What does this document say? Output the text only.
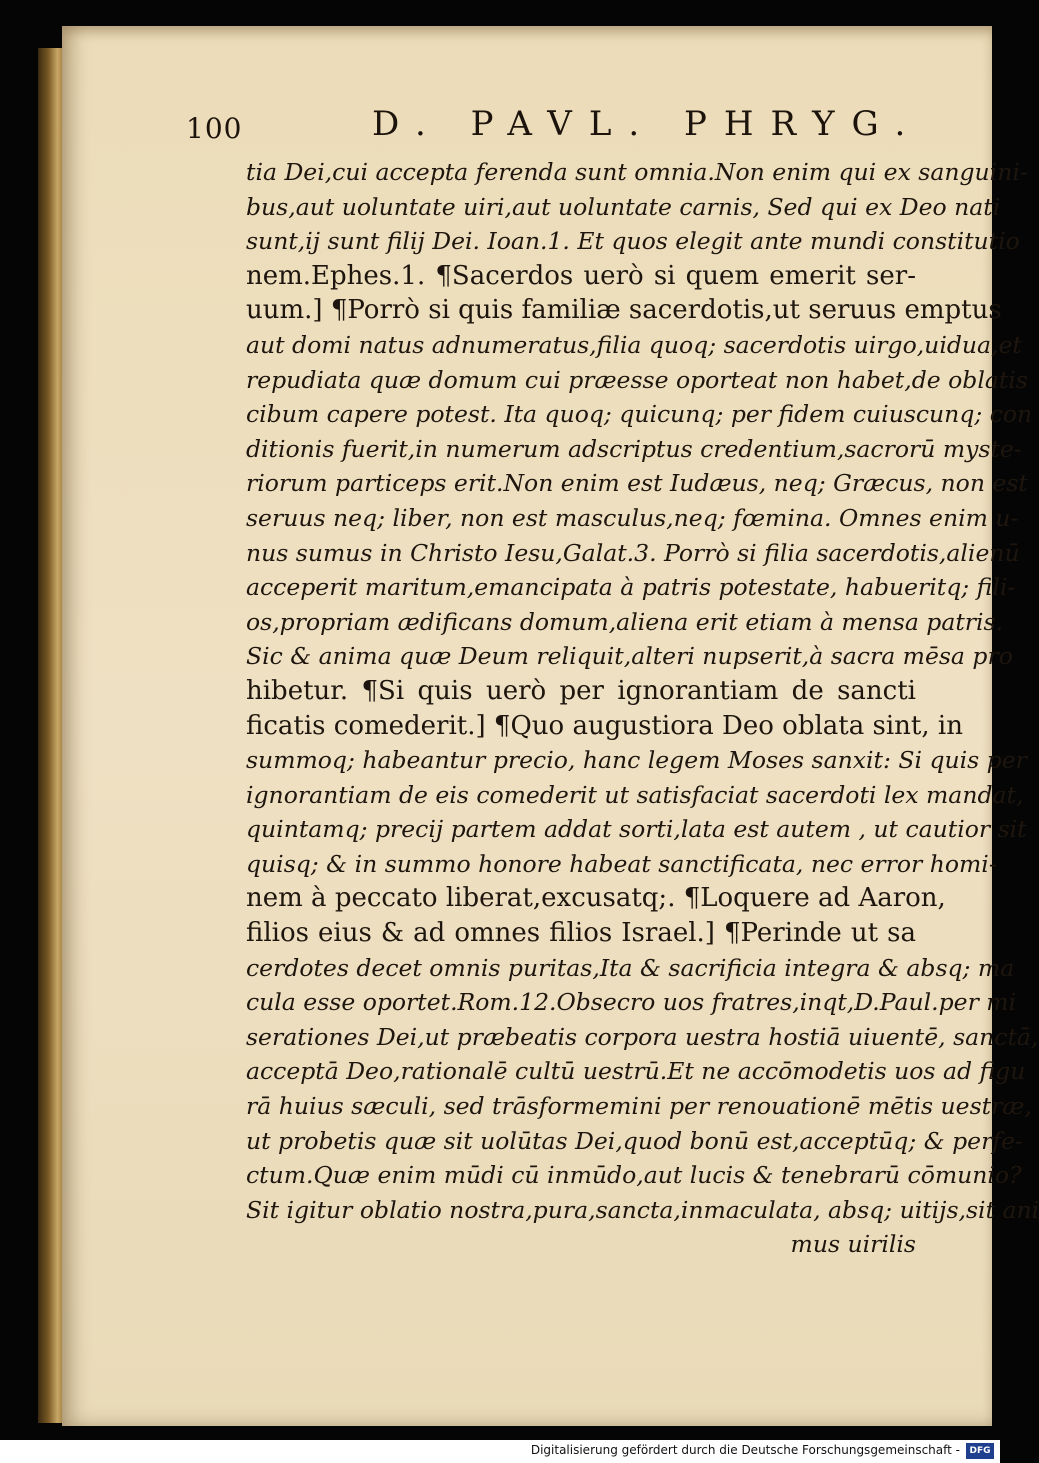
100	D. PAVL. PHRYG.
tia Dei,cui accepta ferenda sunt omnia.Non enim qui ex sanguini-
bus,aut uoluntate uiri,aut uoluntate carnis, Sed qui ex Deo nati
sunt,ij sunt filij Dei. Ioan.1. Et quos elegit ante mundi constitutio
nem.Ephes.1. ¶Sacerdos uerò si quem emerit ser-
uum.] ¶Porrò si quis familiæ sacerdotis,ut seruus emptus
aut domi natus adnumeratus,filia quoq; sacerdotis uirgo,uidua,et
repudiata quæ domum cui præesse oporteat non habet,de oblatis
cibum capere potest. Ita quoq; quicunq; per fidem cuiuscunq; con
ditionis fuerit,in numerum adscriptus credentium,sacrorū myste-
riorum particeps erit.Non enim est Iudæus, neq; Græcus, non est
seruus neq; liber, non est masculus,neq; fœmina. Omnes enim u-
nus sumus in Christo Iesu,Galat.3. Porrò si filia sacerdotis,alienū
acceperit maritum,emancipata à patris potestate, habueritq; fili-
os,propriam ædificans domum,aliena erit etiam à mensa patris.
Sic & anima quæ Deum reliquit,alteri nupserit,à sacra mēsa pro
hibetur. ¶Si quis uerò per ignorantiam de sancti
ficatis comederit.] ¶Quo augustiora Deo oblata sint, in
summoq; habeantur precio, hanc legem Moses sanxit: Si quis per
ignorantiam de eis comederit ut satisfaciat sacerdoti lex mandat,
quintamq; precij partem addat sorti,lata est autem , ut cautior sit
quisq; & in summo honore habeat sanctificata, nec error homi-
nem à peccato liberat,excusatq;. ¶Loquere ad Aaron,
filios eius & ad omnes filios Israel.] ¶Perinde ut sa
cerdotes decet omnis puritas,Ita & sacrificia integra & absq; ma
cula esse oportet.Rom.12.Obsecro uos fratres,inqt,D.Paul.per mi
serationes Dei,ut præbeatis corpora uestra hostiā uiuentē, sanctā,
acceptā Deo,rationalē cultū uestrū.Et ne accōmodetis uos ad figu
rā huius sæculi, sed trāsformemini per renouationē mētis uestræ,
ut probetis quæ sit uolūtas Dei,quod bonū est,acceptūq; & perfe-
ctum.Quæ enim mūdi cū inmūdo,aut lucis & tenebrarū cōmunio?
Sit igitur oblatio nostra,pura,sancta,inmaculata, absq; uitijs,sit ani
mus uirilis
Digitalisierung gefördert durch die Deutsche Forschungsgemeinschaft -	DFG
